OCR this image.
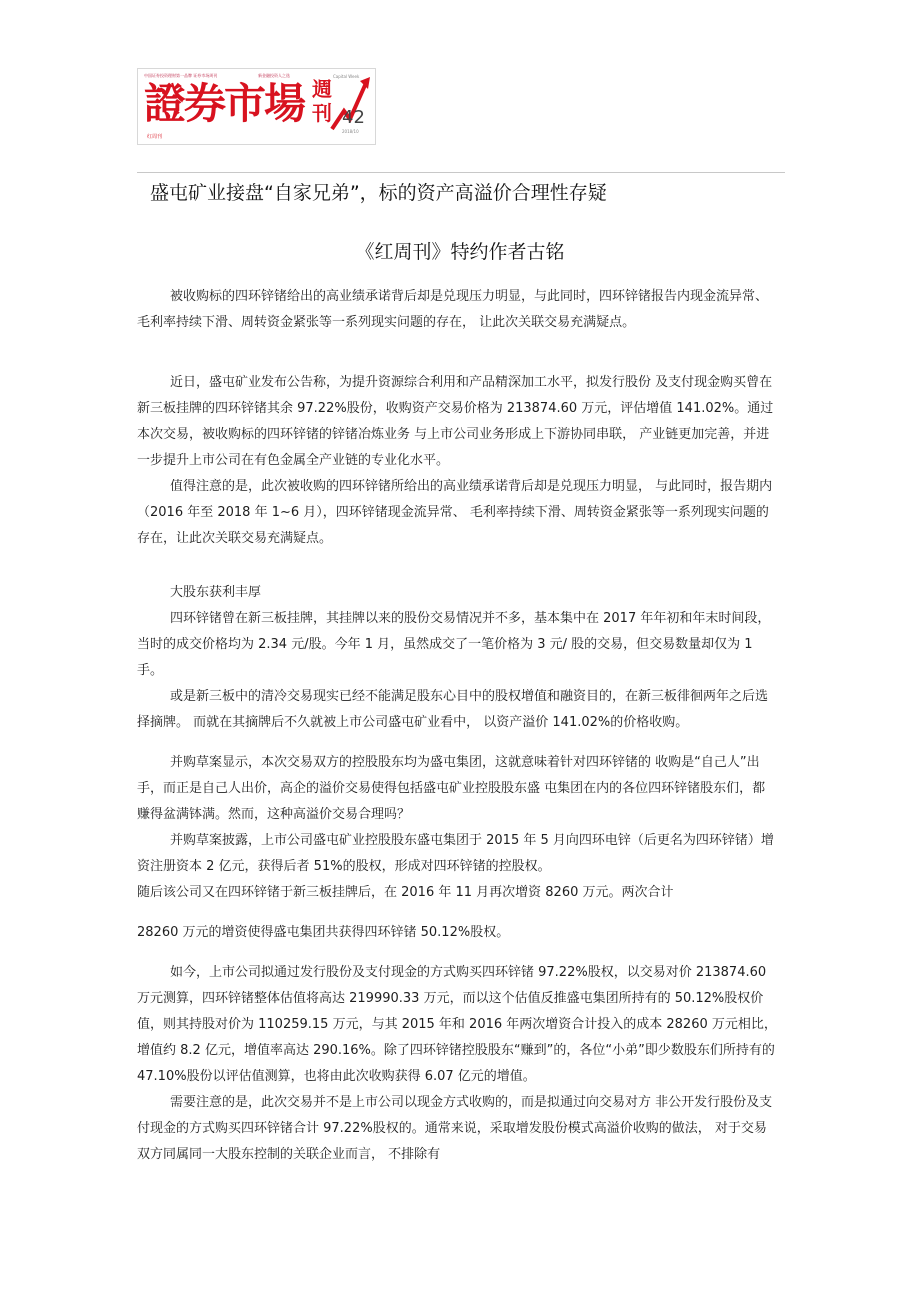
中国证券投资理财第一品牌 证券市场周刊	新金融投资人之选	Capital Week
證券市場 週刊 42
2018/10
红周刊
盛屯矿业接盘“自家兄弟”，标的资产高溢价合理性存疑
《红周刊》特约作者古铭

被收购标的四环锌锗给出的高业绩承诺背后却是兑现压力明显，与此同时，四环锌锗报告内现金流异常、 毛利率持续下滑、周转资金紧张等一系列现实问题的存在， 让此次关联交易充满疑点。

近日，盛屯矿业发布公告称，为提升资源综合利用和产品精深加工水平，拟发行股份 及支付现金购买曾在新三板挂牌的四环锌锗其余 97.22%股份，收购资产交易价格为 213874.60 万元，评估增值 141.02%。通过本次交易，被收购标的四环锌锗的锌锗冶炼业务 与上市公司业务形成上下游协同串联， 产业链更加完善，并进一步提升上市公司在有色金属全产业链的专业化水平。

值得注意的是，此次被收购的四环锌锗所给出的高业绩承诺背后却是兑现压力明显， 与此同时，报告期内（2016 年至 2018 年 1~6 月），四环锌锗现金流异常、 毛利率持续下滑、周转资金紧张等一系列现实问题的存在，让此次关联交易充满疑点。

大股东获利丰厚

四环锌锗曾在新三板挂牌，其挂牌以来的股份交易情况并不多，基本集中在 2017 年年初和年末时间段，当时的成交价格均为 2.34 元/股。今年 1 月，虽然成交了一笔价格为 3 元/ 股的交易，但交易数量却仅为 1 手。

或是新三板中的清冷交易现实已经不能满足股东心目中的股权增值和融资目的，在新三板徘徊两年之后选择摘牌。 而就在其摘牌后不久就被上市公司盛屯矿业看中， 以资产溢价 141.02%的价格收购。

并购草案显示，本次交易双方的控股股东均为盛屯集团，这就意味着针对四环锌锗的 收购是“自己人”出手，而正是自己人出价，高企的溢价交易使得包括盛屯矿业控股股东盛 屯集团在内的各位四环锌锗股东们，都赚得盆满钵满。然而，这种高溢价交易合理吗？

并购草案披露，上市公司盛屯矿业控股股东盛屯集团于 2015 年 5 月向四环电锌（后更名为四环锌锗）增资注册资本 2 亿元，获得后者 51%的股权，形成对四环锌锗的控股权。

随后该公司又在四环锌锗于新三板挂牌后，在 2016 年 11 月再次增资 8260 万元。两次合计

28260 万元的增资使得盛屯集团共获得四环锌锗 50.12%股权。

如今，上市公司拟通过发行股份及支付现金的方式购买四环锌锗 97.22%股权，以交易对价 213874.60 万元测算，四环锌锗整体估值将高达 219990.33 万元，而以这个估值反推盛屯集团所持有的 50.12%股权价值，则其持股对价为 110259.15 万元，与其 2015 年和 2016 年两次增资合计投入的成本 28260 万元相比，增值约 8.2 亿元，增值率高达 290.16%。除了四环锌锗控股股东“赚到”的，各位“小弟”即少数股东们所持有的 47.10%股份以评估值测算，也将由此次收购获得 6.07 亿元的增值。

需要注意的是，此次交易并不是上市公司以现金方式收购的，而是拟通过向交易对方 非公开发行股份及支付现金的方式购买四环锌锗合计 97.22%股权的。通常来说，采取增发股份模式高溢价收购的做法， 对于交易双方同属同一大股东控制的关联企业而言， 不排除有
